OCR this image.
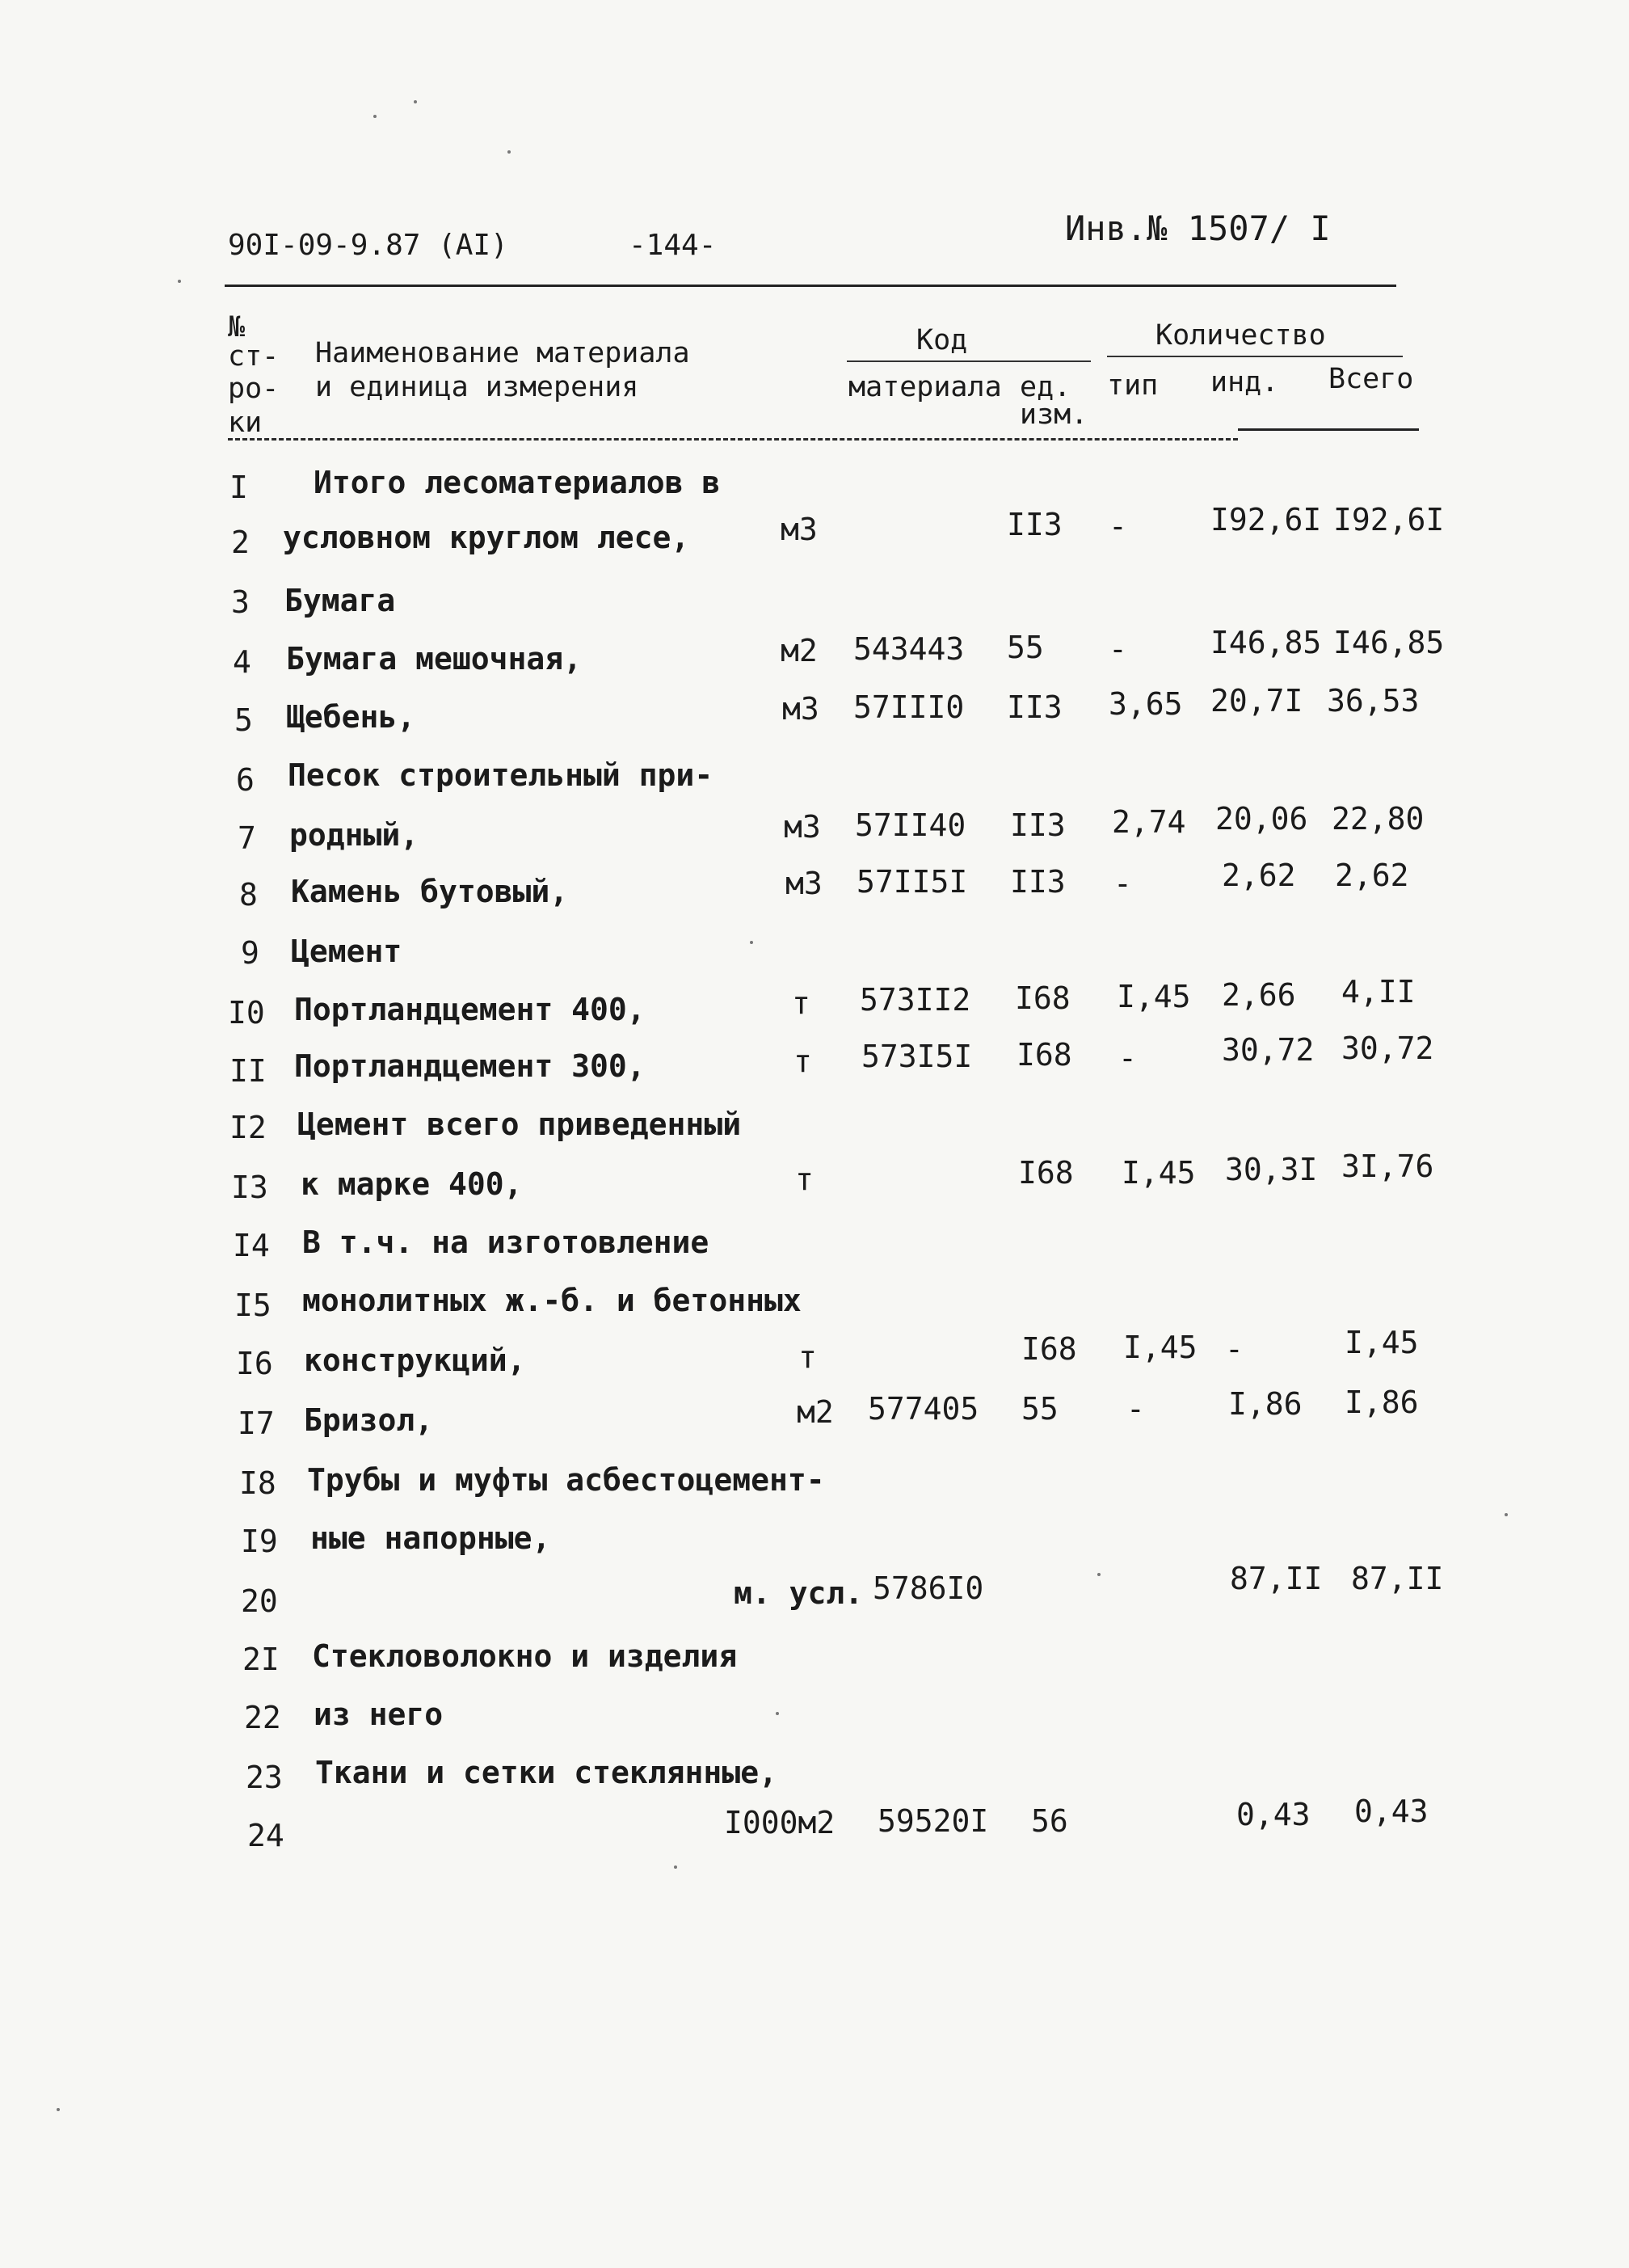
90I-09-9.87 (AI)	-144-	Инв.№ 1507/ I
№
ст-
ро-
ки
Наименование материала
и единица измерения
Код	Количество
материала ед.
изм.
тип инд. Всего
I Итого лесоматериалов в
2 условном круглом лесе,	м3	II3 -	I92,6I I92,6I
3 Бумага
4 Бумага мешочная,	м2 543443 55 -	I46,85 I46,85
5 Щебень,	м3 57III0 II3 3,65 20,7I 36,53
6 Песок строительный при-
7 родный,	м3 57II40 II3 2,74 20,06 22,80
8 Камень бутовый,	м3 57II5I II3 -	2,62 2,62
9 Цемент
I0 Портландцемент 400,	т 573II2 I68 I,45 2,66 4,II
II Портландцемент 300,	т 573I5I I68 -	30,72 30,72
I2 Цемент всего приведенный
I3 к марке 400,	т	I68 I,45 30,3I 3I,76
I4 В т.ч. на изготовление
I5 монолитных ж.-б. и бетонных
I6 конструкций,	т	I68 I,45 -	I,45
I7 Бризол,	м2 577405 55 -	I,86 I,86
I8 Трубы и муфты асбестоцемент-
I9 ные напорные,
20	м. усл. 5786I0	87,II 87,II
2I Стекловолокно и изделия
22 из него
23 Ткани и сетки стеклянные,
24	I000м2 59520I 56	0,43 0,43
